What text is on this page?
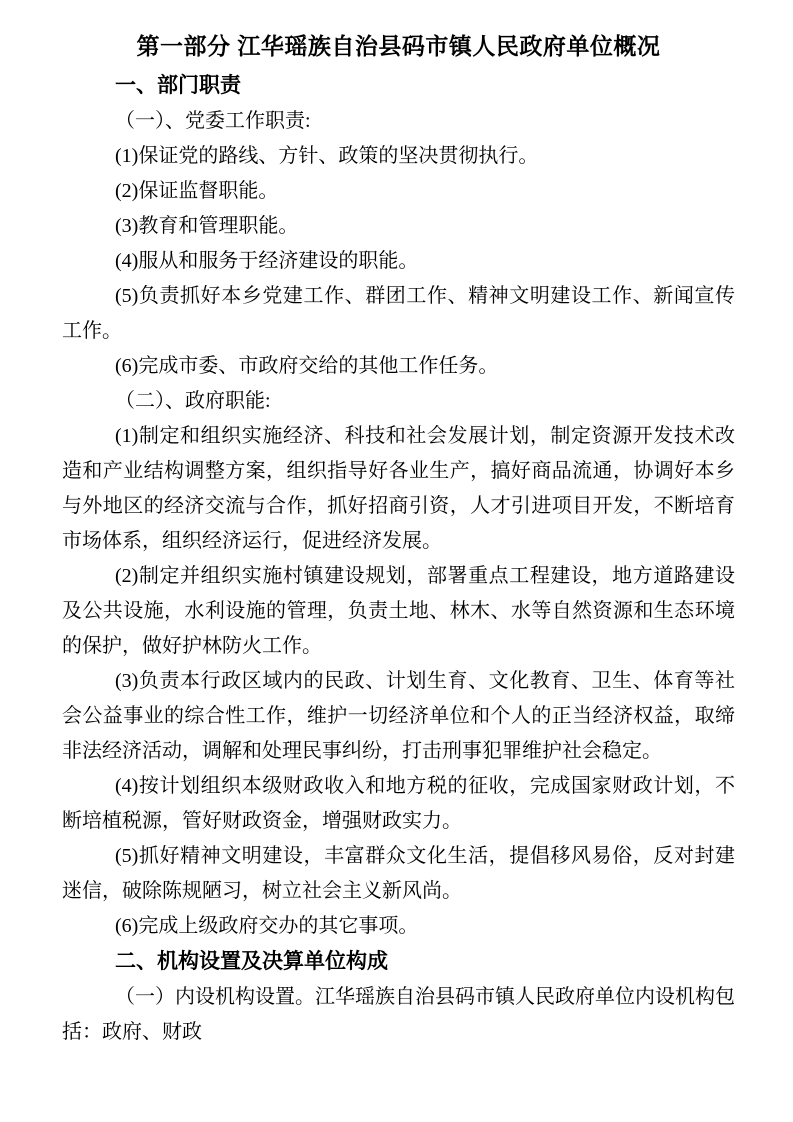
第一部分 江华瑶族自治县码市镇人民政府单位概况
一、部门职责

（一）、党委工作职责:

(1)保证党的路线、方针、政策的坚决贯彻执行。

(2)保证监督职能。

(3)教育和管理职能。

(4)服从和服务于经济建设的职能。

(5)负责抓好本乡党建工作、群团工作、精神文明建设工作、新闻宣传工作。

(6)完成市委、市政府交给的其他工作任务。

（二）、政府职能:

(1)制定和组织实施经济、科技和社会发展计划，制定资源开发技术改造和产业结构调整方案，组织指导好各业生产，搞好商品流通，协调好本乡与外地区的经济交流与合作，抓好招商引资，人才引进项目开发，不断培育市场体系，组织经济运行，促进经济发展。

(2)制定并组织实施村镇建设规划，部署重点工程建设，地方道路建设及公共设施，水利设施的管理，负责土地、林木、水等自然资源和生态环境的保护，做好护林防火工作。

(3)负责本行政区域内的民政、计划生育、文化教育、卫生、体育等社会公益事业的综合性工作，维护一切经济单位和个人的正当经济权益，取缔非法经济活动，调解和处理民事纠纷，打击刑事犯罪维护社会稳定。

(4)按计划组织本级财政收入和地方税的征收，完成国家财政计划，不断培植税源，管好财政资金，增强财政实力。

(5)抓好精神文明建设，丰富群众文化生活，提倡移风易俗，反对封建迷信，破除陈规陋习，树立社会主义新风尚。

(6)完成上级政府交办的其它事项。

二、机构设置及决算单位构成

（一）内设机构设置。江华瑶族自治县码市镇人民政府单位内设机构包括：政府、财政
